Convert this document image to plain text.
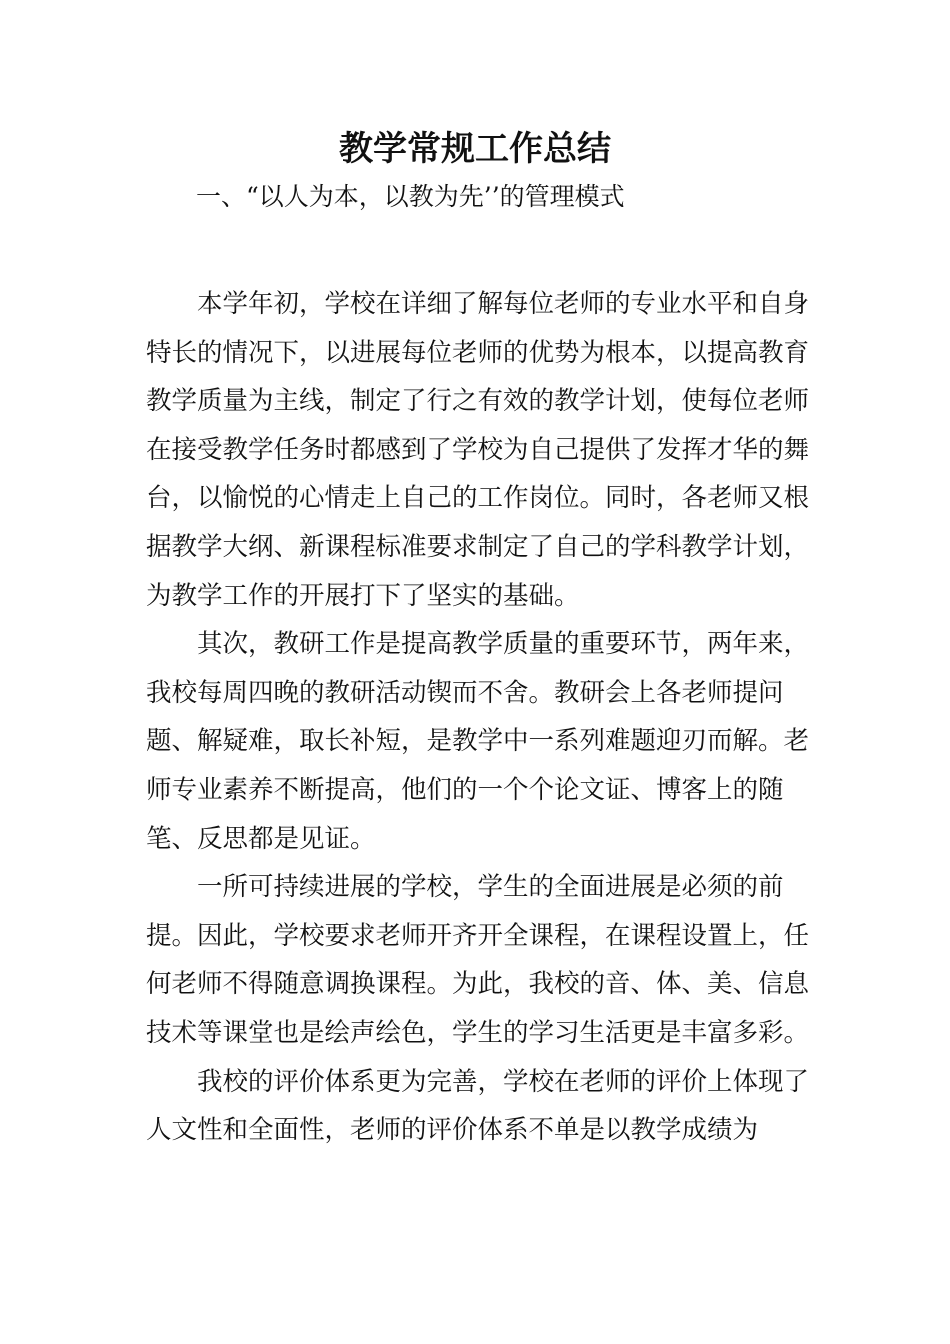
教学常规工作总结
一、“以人为本，以教为先’’的管理模式

本学年初，学校在详细了解每位老师的专业水平和自身特长的情况下，以进展每位老师的优势为根本，以提高教育教学质量为主线，制定了行之有效的教学计划，使每位老师在接受教学任务时都感到了学校为自己提供了发挥才华的舞台，以愉悦的心情走上自己的工作岗位。同时，各老师又根据教学大纲、新课程标准要求制定了自己的学科教学计划，为教学工作的开展打下了坚实的基础。

其次，教研工作是提高教学质量的重要环节，两年来，我校每周四晚的教研活动锲而不舍。教研会上各老师提问题、解疑难，取长补短，是教学中一系列难题迎刃而解。老师专业素养不断提高，他们的一个个论文证、博客上的随笔、反思都是见证。

一所可持续进展的学校，学生的全面进展是必须的前提。因此，学校要求老师开齐开全课程，在课程设置上，任何老师不得随意调换课程。为此，我校的音、体、美、信息技术等课堂也是绘声绘色，学生的学习生活更是丰富多彩。

我校的评价体系更为完善，学校在老师的评价上体现了人文性和全面性，老师的评价体系不单是以教学成绩为
